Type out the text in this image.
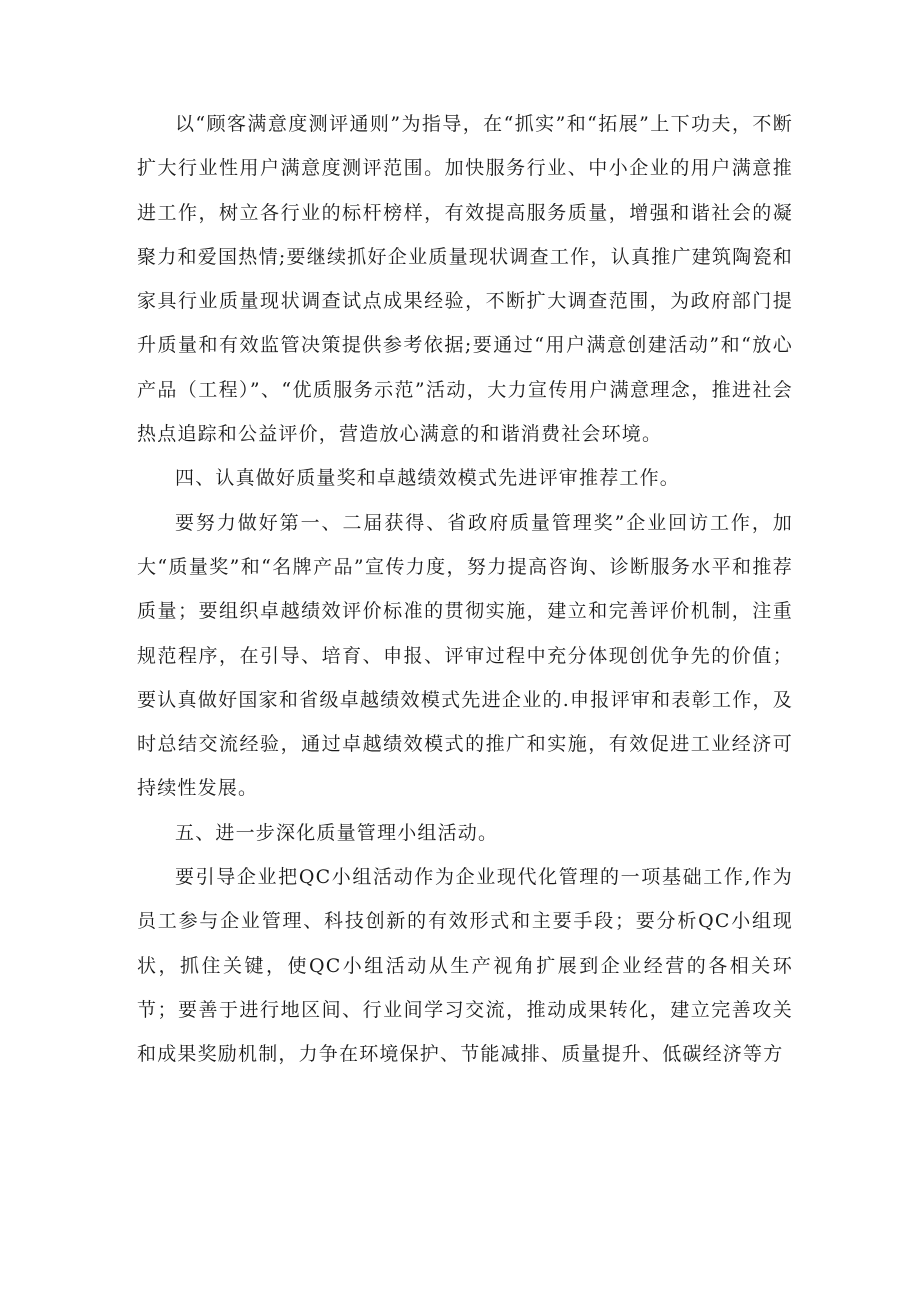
以“顾客满意度测评通则”为指导，在“抓实”和“拓展”上下功夫，不断扩大行业性用户满意度测评范围。加快服务行业、中小企业的用户满意推进工作，树立各行业的标杆榜样，有效提高服务质量，增强和谐社会的凝聚力和爱国热情;要继续抓好企业质量现状调查工作，认真推广建筑陶瓷和家具行业质量现状调查试点成果经验，不断扩大调查范围，为政府部门提升质量和有效监管决策提供参考依据;要通过“用户满意创建活动”和“放心产品（工程）”、“优质服务示范”活动，大力宣传用户满意理念，推进社会热点追踪和公益评价，营造放心满意的和谐消费社会环境。

四、认真做好质量奖和卓越绩效模式先进评审推荐工作。

要努力做好第一、二届获得、省政府质量管理奖”企业回访工作，加大“质量奖”和“名牌产品”宣传力度，努力提高咨询、诊断服务水平和推荐质量；要组织卓越绩效评价标准的贯彻实施，建立和完善评价机制，注重规范程序，在引导、培育、申报、评审过程中充分体现创优争先的价值；要认真做好国家和省级卓越绩效模式先进企业的.申报评审和表彰工作，及时总结交流经验，通过卓越绩效模式的推广和实施，有效促进工业经济可持续性发展。

五、进一步深化质量管理小组活动。

要引导企业把QC小组活动作为企业现代化管理的一项基础工作,作为员工参与企业管理、科技创新的有效形式和主要手段；要分析QC小组现状，抓住关键，使QC小组活动从生产视角扩展到企业经营的各相关环节；要善于进行地区间、行业间学习交流，推动成果转化，建立完善攻关和成果奖励机制，力争在环境保护、节能减排、质量提升、低碳经济等方
